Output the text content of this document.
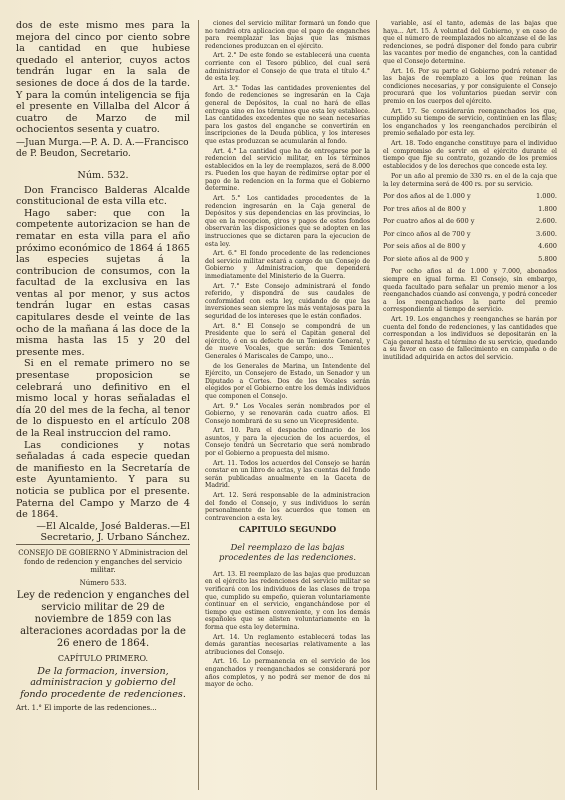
dos de este mismo mes para la mejora del cinco por ciento sobre la cantidad en que hubiese quedado el anterior, cuyos actos tendrán lugar en la sala de sesiones de doce á dos de la tarde. Y para la común inteligencia se fija el presente en Villalba del Alcor á cuatro de Marzo de mil ochocientos sesenta y cuatro.

—Juan Murga.—P. A. D. A.—Francisco de P. Beudon, Secretario.

Núm. 532.

Don Francisco Balderas Alcalde constitucional de esta villa etc.

Hago saber: que con la competente autorizacion se han de rematar en esta villa para el año próximo económico de 1864 á 1865 las especies sujetas á la contribucion de consumos, con la facultad de la exclusiva en las ventas al por menor, y sus actos tendrán lugar en estas casas capitulares desde el veinte de las ocho de la mañana á las doce de la misma hasta las 15 y 20 del presente mes.

Si en el remate primero no se presentase proposicion se celebrará uno definitivo en el mismo local y horas señaladas el día 20 del mes de la fecha, al tenor de lo dispuesto en el artículo 208 de la Real instruccion del ramo.

Las condiciones y notas señaladas á cada especie quedan de manifiesto en la Secretaría de este Ayuntamiento. Y para su noticia se publica por el presente. Paterna del Campo y Marzo de 4 de 1864.

—El Alcalde, José Balderas.—El Secretario, J. Urbano Sánchez.

CONSEJO DE GOBIERNO Y ADministracion del fondo de redencion y enganches del servicio militar.

Número 533.

Ley de redencion y enganches del servicio militar de 29 de noviembre de 1859 con las alteraciones acordadas por la de 26 enero de 1864.

CAPÍTULO PRIMERO.

De la formacion, inversion, administracion y gobierno del fondo procedente de redenciones.

Art. 1.° El importe de las redenciones...

ciones del servicio militar formará un fondo que no tendrá otra aplicacion que el pago de enganches para reemplazar las bajas que las mismas redenciones produzcan en el ejército.

Art. 2.° De este fondo se establecerá una cuenta corriente con el Tesoro público, del cual será administrador el Consejo de que trata el título 4.° de esta ley.

Art. 3.° Todas las cantidades provenientes del fondo de redenciones se ingresarán en la Caja general de Depósitos, la cual no hará de ellas entrega sino en los términos que esta ley establece. Las cantidades excedentes que no sean necesarias para los gastos del enganche se convertirán en inscripciones de la Deuda pública, y los intereses que estas produzcan se acumularán al fondo.

Art. 4.° La cantidad que ha de entregarse por la redencion del servicio militar, en los términos establecidos en la ley de reemplazos, será de 8.000 rs. Pueden los que hayan de redimirse optar por el pago de la redencion en la forma que el Gobierno determine.

Art. 5.° Los cantidades procedentes de la redencion ingresarán en la Caja general de Depósitos y sus dependencias en las provincias, lo que en la recepcion, giros y pagos de estos fondos observarán las disposiciones que se adopten en las instrucciones que se dictaren para la ejecucion de esta ley.

Art. 6.° El fondo procedente de las redenciones del servicio militar estará a cargo de un Consejo de Gobierno y Administracion, que dependerá inmediatamente del Ministerio de la Guerra.

Art. 7.° Este Consejo administrará el fondo referido, y dispondrá de sus caudales de conformidad con esta ley, cuidando de que las inversiones sean siempre las más ventajosas para la seguridad de los intereses que le están confiados.

Art. 8.° El Consejo se compondrá de un Presidente que lo será el Capitan general del ejército, ó en su defecto de un Teniente General, y de nueve Vocales, que serán: dos Tenientes Generales ó Mariscales de Campo, uno...

de los Generales de Marina, un Intendente del Ejército, un Consejero de Estado, un Senador y un Diputado a Cortes. Dos de los Vocales serán elegidos por el Gobierno entre los demás individuos que componen el Consejo.

Art. 9.° Los Vocales serán nombrados por el Gobierno, y se renovarán cada cuatro años. El Consejo nombrará de su seno un Vicepresidente.

Art. 10. Para el despacho ordinario de los asuntos, y para la ejecucion de los acuerdos, el Consejo tendrá un Secretario que será nombrado por el Gobierno a propuesta del mismo.

Art. 11. Todos los acuerdos del Consejo se harán constar en un libro de actas, y las cuentas del fondo serán publicadas anualmente en la Gaceta de Madrid.

Art. 12. Será responsable de la administracion del fondo el Consejo, y sus individuos lo serán personalmente de los acuerdos que tomen en contravencion a esta ley.

CAPITULO SEGUNDO

Del reemplazo de las bajas procedentes de las redenciones.

Art. 13. El reemplazo de las bajas que produzcan en el ejército las redenciones del servicio militar se verificará con los individuos de las clases de tropa que, cumplido su empeño, quieran voluntariamente continuar en el servicio, enganchándose por el tiempo que estimen conveniente, y con los demás españoles que se alisten voluntariamente en la forma que esta ley determina.

Art. 14. Un reglamento establecerá todas las demás garantías necesarias relativamente a las atribuciones del Consejo.

Art. 16. Lo permanencia en el servicio de los enganchados y reenganchados se considerará por años completos, y no podrá ser menor de dos ni mayor de ocho.

variable, así el tanto, además de las bajas que haya... Art. 15. Á voluntad del Gobierno, y en caso de que el número de reemplazados no alcanzase el de las redenciones, se podrá disponer del fondo para cubrir las vacantes por medio de enganches, con la cantidad que el Consejo determine.

Art. 16. Por su parte el Gobierno podrá retener de las bajas de reemplazo a los que reúnan las condiciones necesarias, y por consiguiente el Consejo procurará que los voluntarios puedan servir con premio en los cuerpos del ejército.

Art. 17. Se considerarán reenganchados los que, cumplido su tiempo de servicio, continúen en las filas; los enganchados y los reenganchados percibirán el premio señalado por esta ley.

Art. 18. Todo enganche constituye para el individuo el compromiso de servir en el ejército durante el tiempo que fije su contrato, gozando de los premios establecidos y de los derechos que concede esta ley.

Por un año al premio de 330 rs. en el de la caja que la ley determina será de 400 rs. por su servicio.

Por dos años al de 1.000 y	1.000.
Por tres años al de 800 y	1.800
Por cuatro años al de 600 y	2.600.
Por cinco años al de 700 y	3.600.
Por seis años al de 800 y	4.600
Por siete años al de 900 y	5.800

Por ocho años al de 1.000 y 7.000, abonados siempre en igual forma. El Consejo, sin embargo, queda facultado para señalar un premio menor a los reenganchados cuando así convenga, y podrá conceder a los reenganchados la parte del premio correspondiente al tiempo de servicio.

Art. 19. Los enganches y reenganches se harán por cuenta del fondo de redenciones, y las cantidades que correspondan a los individuos se depositarán en la Caja general hasta el término de su servicio, quedando a su favor en caso de fallecimiento en campaña o de inutilidad adquirida en actos del servicio.
